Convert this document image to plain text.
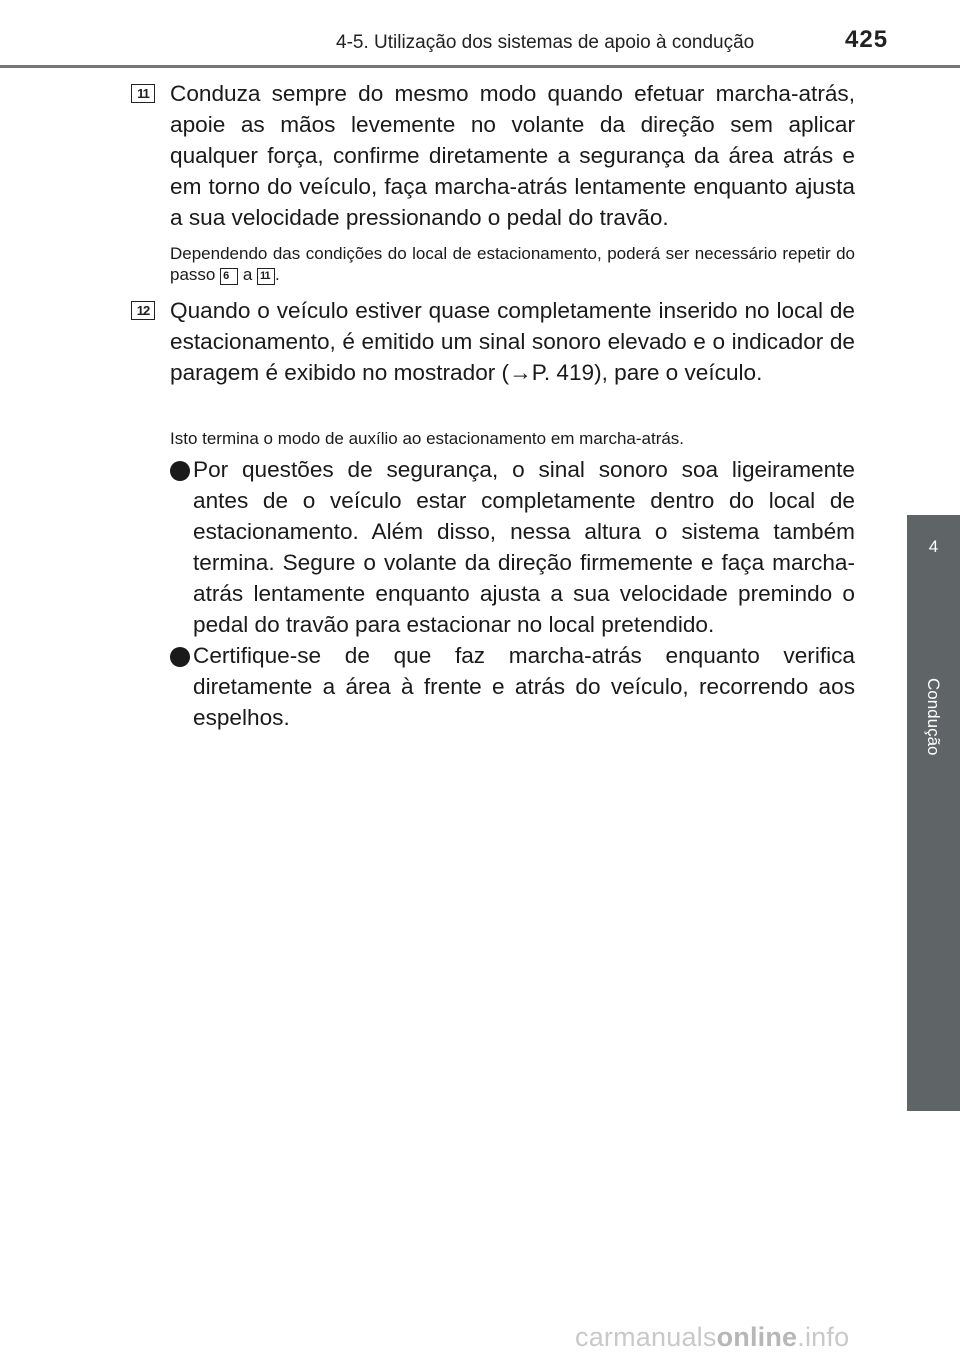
4-5. Utilização dos sistemas de apoio à condução	425
4
Condução
11 Conduza sempre do mesmo modo quando efetuar marcha-atrás, apoie as mãos levemente no volante da direção sem aplicar qualquer força, confirme diretamente a segurança da área atrás e em torno do veículo, faça marcha-atrás lentamente enquanto ajusta a sua velocidade pressionando o pedal do travão.
Dependendo das condições do local de estacionamento, poderá ser necessário repetir do passo 6 a 11 .
12 Quando o veículo estiver quase completamente inserido no local de estacionamento, é emitido um sinal sonoro elevado e o indicador de paragem é exibido no mostrador (→P. 419), pare o veículo.
Isto termina o modo de auxílio ao estacionamento em marcha-atrás.
Por questões de segurança, o sinal sonoro soa ligeiramente antes de o veículo estar completamente dentro do local de estacionamento. Além disso, nessa altura o sistema também termina. Segure o volante da direção firmemente e faça marcha-atrás lentamente enquanto ajusta a sua velocidade premindo o pedal do travão para estacionar no local pretendido.
Certifique-se de que faz marcha-atrás enquanto verifica diretamente a área à frente e atrás do veículo, recorrendo aos espelhos.
carmanualsonline.info
